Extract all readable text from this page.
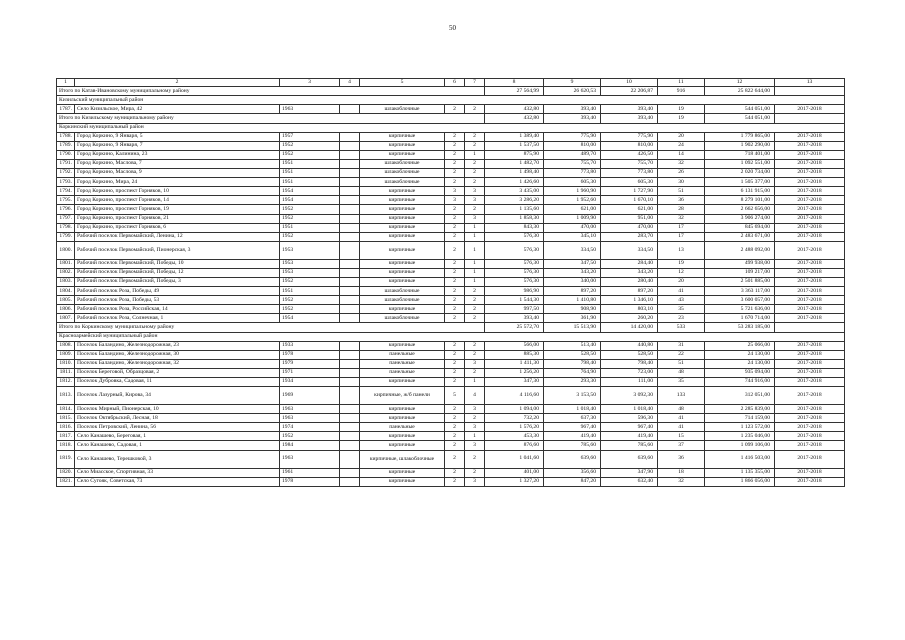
50
1	2	3	4	5	6	7	8	9	10	11	12	13
Итого по Катав-Ивановскому муниципальному району							27 564,99	26 620,53	22 206,87	916	25 822 644,00	
Кизильский муниципальный район												
1787.	Село Кизильское, Мира, 42	1963		шлакоблочные	2	2	432,80	393,40	393,40	19	544 051,00	2017-2018
Итого по Кизильскому муниципальному району							432,80	393,40	393,40	19	544 051,00	
Коркинский муниципальный район												
1788.	Город Коркино, 9 Января, 5	1957		кирпичные	2	2	1 389,40	775,90	775,90	20	1 779 865,00	2017-2018
1789.	Город Коркино, 9 Января, 7	1952		кирпичные	2	2	1 537,50	810,00	810,00	24	1 902 290,00	2017-2018
1790.	Город Коркино, Калинина, 23	1952		кирпичные	2	1	875,90	489,70	426,50	14	718 401,00	2017-2018
1791.	Город Коркино, Маслова, 7	1951		шлакоблочные	2	2	1 482,70	755,70	755,70	32	1 092 551,00	2017-2018
1792.	Город Коркино, Маслова, 9	1951		шлакоблочные	2	2	1 498,40	773,80	773,80	26	2 020 734,00	2017-2018
1793.	Город Коркино, Мира, 24	1951		шлакоблочные	2	2	1 426,60	605,30	605,30	30	1 505 377,00	2017-2018
1794.	Город Коркино, проспект Горняков, 10	1954		кирпичные	3	3	3 435,00	1 960,90	1 727,90	51	6 131 915,00	2017-2018
1795.	Город Коркино, проспект Горняков, 14	1954		кирпичные	3	3	3 286,20	1 952,60	1 670,10	36	8 279 101,00	2017-2018
1796.	Город Коркино, проспект Горняков, 19	1952		кирпичные	2	2	1 135,60	621,00	621,00	28	2 662 656,00	2017-2018
1797.	Город Коркино, проспект Горняков, 21	1952		кирпичные	2	3	1 858,30	1 009,90	951,00	32	3 906 274,00	2017-2018
1798.	Город Коркино, проспект Горняков, 6	1951		кирпичные	2	1	843,30	470,00	470,00	17	845 694,00	2017-2018
1799.	Рабочий поселок Первомайский, Ленина, 12	1952		кирпичные	2	1	576,30	345,10	283,70	17	2 483 671,00	2017-2018
1800.	Рабочий поселок Первомайский, Пионерская, 3	1953		кирпичные	2	1	576,30	334,50	334,50	13	2 488 092,00	2017-2018
1801.	Рабочий поселок Первомайский, Победы, 10	1953		кирпичные	2	1	576,30	347,50	284,40	19	499 938,00	2017-2018
1802.	Рабочий поселок Первомайский, Победы, 12	1953		кирпичные	2	1	576,30	343,20	343,20	12	109 217,00	2017-2018
1803.	Рабочий поселок Первомайский, Победы, 3	1952		кирпичные	2	1	576,30	340,00	280,40	20	2 501 885,00	2017-2018
1804.	Рабочий поселок Роза, Победы, 49	1951		шлакоблочные	2	2	986,90	897,20	897,20	41	3 363 117,00	2017-2018
1805.	Рабочий поселок Роза, Победы, 53	1952		шлакоблочные	2	2	1 544,30	1 410,80	1 346,10	43	3 600 057,00	2017-2018
1806.	Рабочий поселок Роза, Российская, 14	1952		кирпичные	2	2	997,50	908,90	803,10	35	5 721 636,00	2017-2018
1807.	Рабочий поселок Роза, Солнечная, 1	1954		шлакоблочные	2	2	393,40	361,90	260,20	23	1 670 714,00	2017-2018
Итого по Коркинскому муниципальному району							25 572,70	15 513,90	14 420,00	533	53 283 185,00	
Красноармейский муниципальный район												
1808.	Поселок Баландино, Железнодорожная, 23	1933		кирпичные	2	2	566,00	513,40	440,80	31	25 066,00	2017-2018
1809.	Поселок Баландино, Железнодорожная, 30	1978		панельные	2	2	885,30	528,50	528,50	22	24 130,00	2017-2018
1810.	Поселок Баландино, Железнодорожная, 32	1979		панельные	2	3	1 411,30	798,40	798,40	51	24 130,00	2017-2018
1811.	Поселок Береговой, Образцовая, 2	1971		панельные	2	2	1 256,20	764,90	723,00	48	935 094,00	2017-2018
1812.	Поселок Дубровка, Садовая, 11	1934		кирпичные	2	1	347,30	293,30	111,00	35	744 916,00	2017-2018
1813.	Поселок Лазурный, Кирова, 34	1969		кирпичные, ж/б панели	5	4	4 116,60	3 153,50	3 092,30	133	312 051,00	2017-2018
1814.	Поселок Мирный, Пионерская, 10	1963		кирпичные	2	3	1 094,00	1 018,40	1 018,40	48	2 285 839,00	2017-2018
1815.	Поселок Октябрьский, Лесная, 18	1963		кирпичные	2	2	732,20	637,30	596,30	41	714 159,00	2017-2018
1816.	Поселок Петровский, Ленина, 56	1974		панельные	2	3	1 576,20	967,40	967,40	41	1 123 572,00	2017-2018
1817.	Село Канашево, Береговая, 1	1952		кирпичные	2	1	453,30	419,40	419,40	15	1 235 046,00	2017-2018
1818.	Село Канашево, Садовая, 1	1984		кирпичные	2	3	876,60	785,60	785,60	37	1 099 106,00	2017-2018
1819.	Село Канашево, Терешковой, 3	1963		кирпичные, шлакоблочные	2	2	1 041,60	639,60	639,60	36	1 416 503,00	2017-2018
1820.	Село Миасское, Спортивная, 33	1961		кирпичные	2	2	401,00	356,60	347,90	18	1 135 355,00	2017-2018
1821.	Село Сугояк, Советская, 73	1978		кирпичные	2	3	1 327,20	847,20	632,40	32	1 866 056,00	2017-2018
